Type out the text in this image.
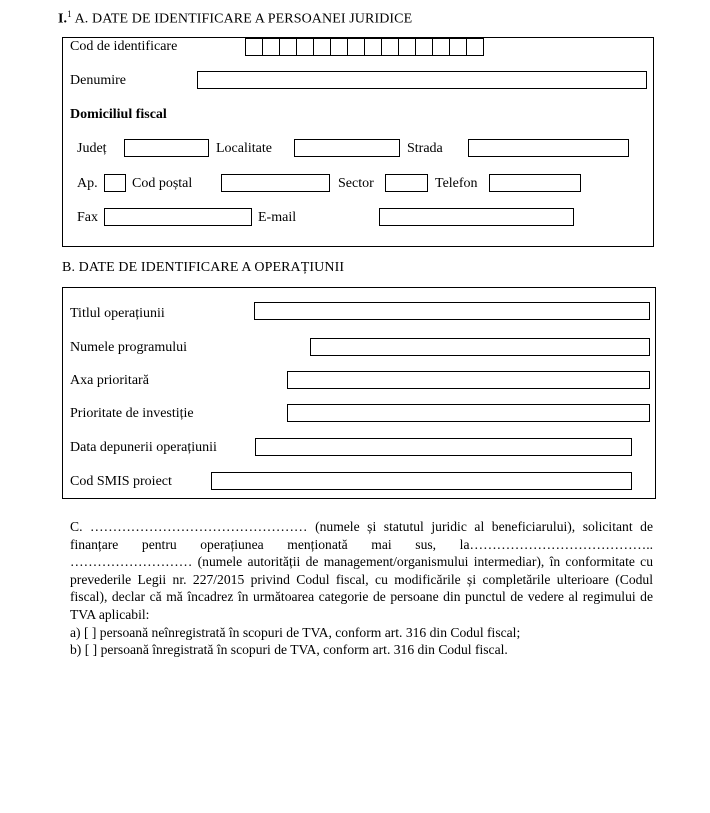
I.$^1$ A. DATE DE IDENTIFICARE A PERSOANEI JURIDICE
Cod de identificare
Denumire
Domiciliul fiscal
Județ	Localitate	Strada
Ap. Cod poștal	Sector	Telefon
Fax	E-mail
B. DATE DE IDENTIFICARE A OPERAȚIUNII
Titlul operațiunii
Numele programului
Axa prioritară
Prioritate de investiție
Data depunerii operațiunii
Cod SMIS proiect

C. ………………………………………… (numele și statutul juridic al beneficiarului), solicitant de finanțare pentru operațiunea menționată mai sus, la………………………………….. ……………………… (numele autorității de management/organismului intermediar), în conformitate cu prevederile Legii nr. 227/2015 privind Codul fiscal, cu modificările și completările ulterioare (Codul fiscal), declar că mă încadrez în următoarea categorie de persoane din punctul de vedere al regimului de TVA aplicabil:

a) [ ] persoană neînregistrată în scopuri de TVA, conform art. 316 din Codul fiscal;

b) [ ] persoană înregistrată în scopuri de TVA, conform art. 316 din Codul fiscal.
